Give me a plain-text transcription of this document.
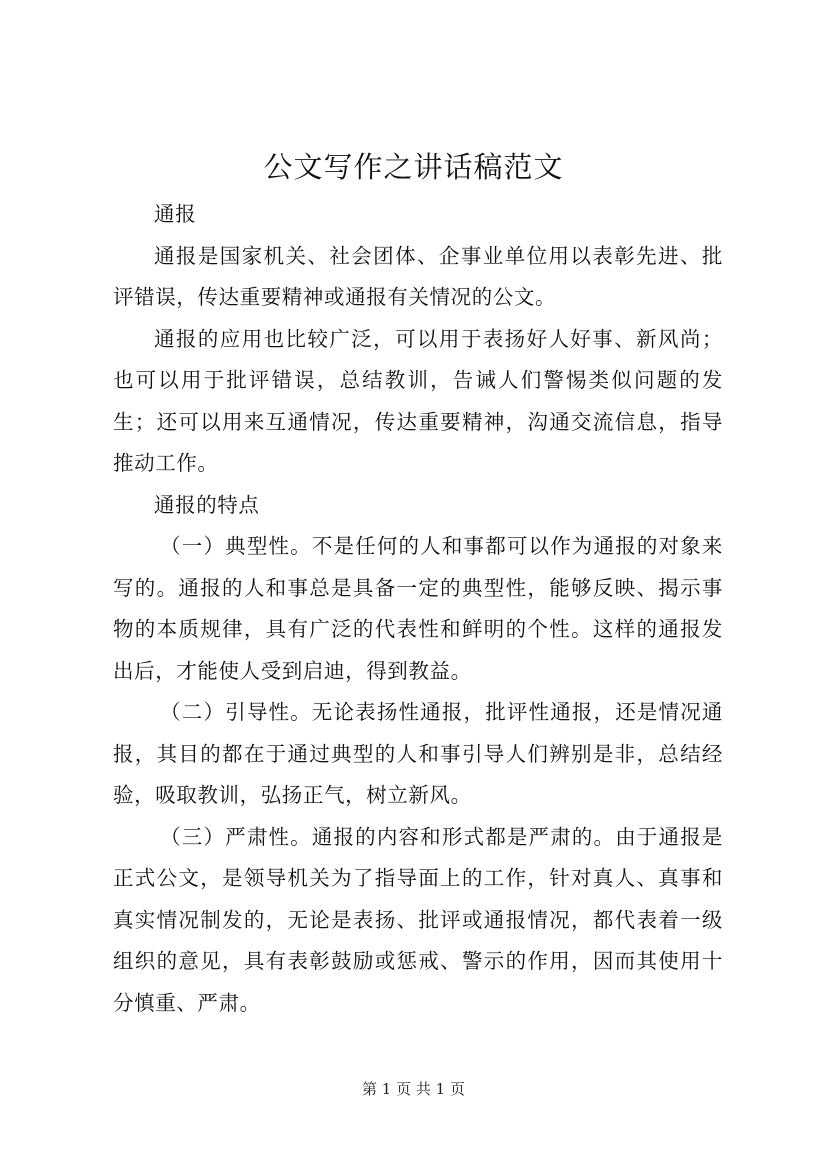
公文写作之讲话稿范文

通报

通报是国家机关、社会团体、企事业单位用以表彰先进、批评错误，传达重要精神或通报有关情况的公文。

通报的应用也比较广泛，可以用于表扬好人好事、新风尚；也可以用于批评错误，总结教训，告诫人们警惕类似问题的发生；还可以用来互通情况，传达重要精神，沟通交流信息，指导推动工作。

通报的特点

（一）典型性。不是任何的人和事都可以作为通报的对象来写的。通报的人和事总是具备一定的典型性，能够反映、揭示事物的本质规律，具有广泛的代表性和鲜明的个性。这样的通报发出后，才能使人受到启迪，得到教益。

（二）引导性。无论表扬性通报，批评性通报，还是情况通报，其目的都在于通过典型的人和事引导人们辨别是非，总结经验，吸取教训，弘扬正气，树立新风。

（三）严肃性。通报的内容和形式都是严肃的。由于通报是正式公文，是领导机关为了指导面上的工作，针对真人、真事和真实情况制发的，无论是表扬、批评或通报情况，都代表着一级组织的意见，具有表彰鼓励或惩戒、警示的作用，因而其使用十分慎重、严肃。

第 1 页 共 1 页
